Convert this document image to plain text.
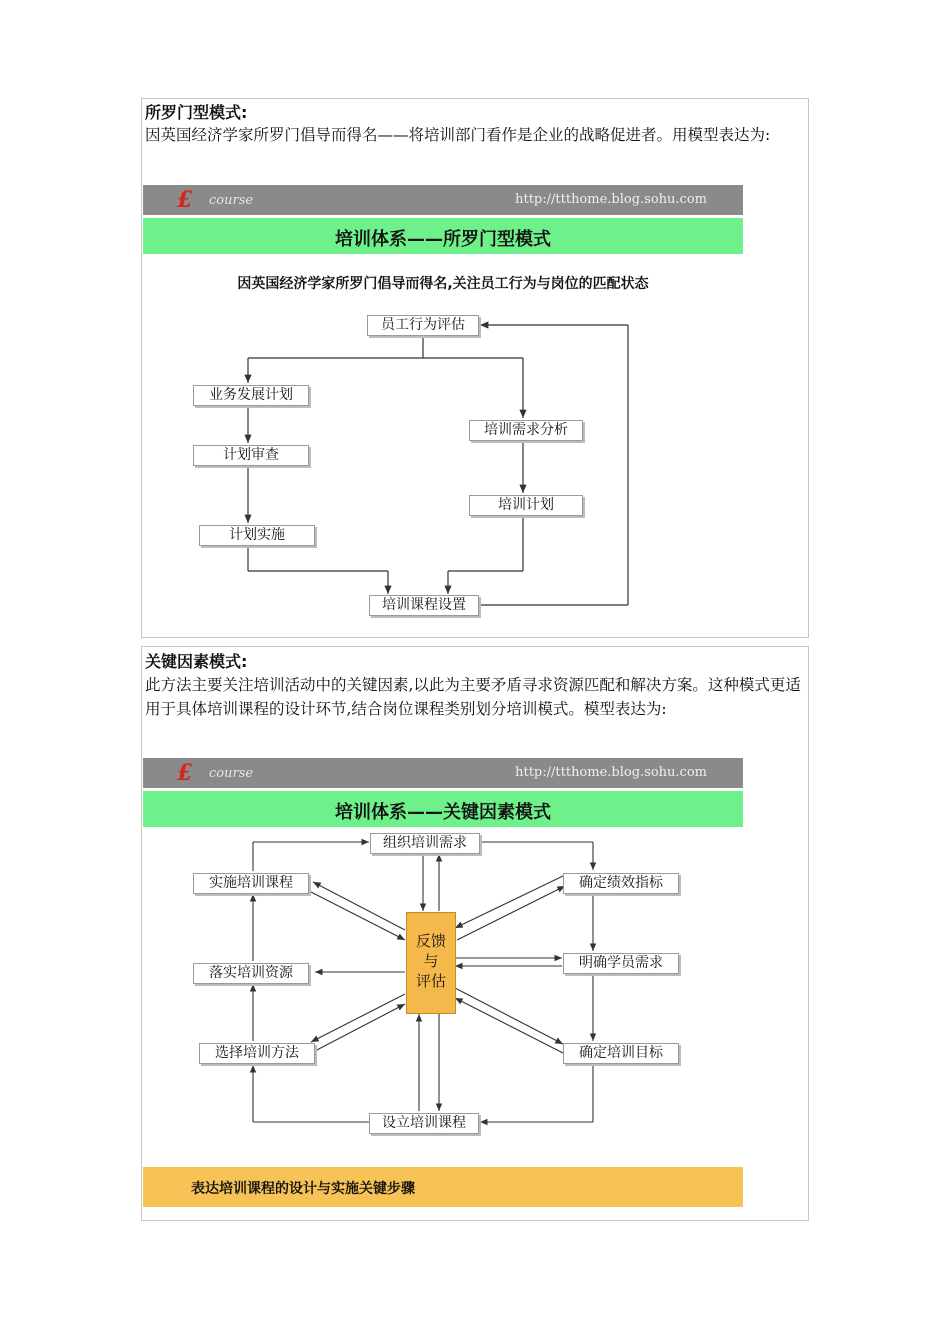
所罗门型模式:
因英国经济学家所罗门倡导而得名——将培训部门看作是企业的战略促进者。用模型表达为:
£ course	http://ttthome.blog.sohu.com
培训体系——所罗门型模式
因英国经济学家所罗门倡导而得名,关注员工行为与岗位的匹配状态
员工行为评估
业务发展计划
计划审查
计划实施
培训需求分析
培训计划
培训课程设置
关键因素模式:
此方法主要关注培训活动中的关键因素,以此为主要矛盾寻求资源匹配和解决方案。这种模式更适用于具体培训课程的设计环节,结合岗位课程类别划分培训模式。模型表达为:
£ course	http://ttthome.blog.sohu.com
培训体系——关键因素模式
组织培训需求
实施培训课程
落实培训资源
选择培训方法
确定绩效指标
明确学员需求
确定培训目标
设立培训课程
反馈
与
评估
表达培训课程的设计与实施关键步骤
